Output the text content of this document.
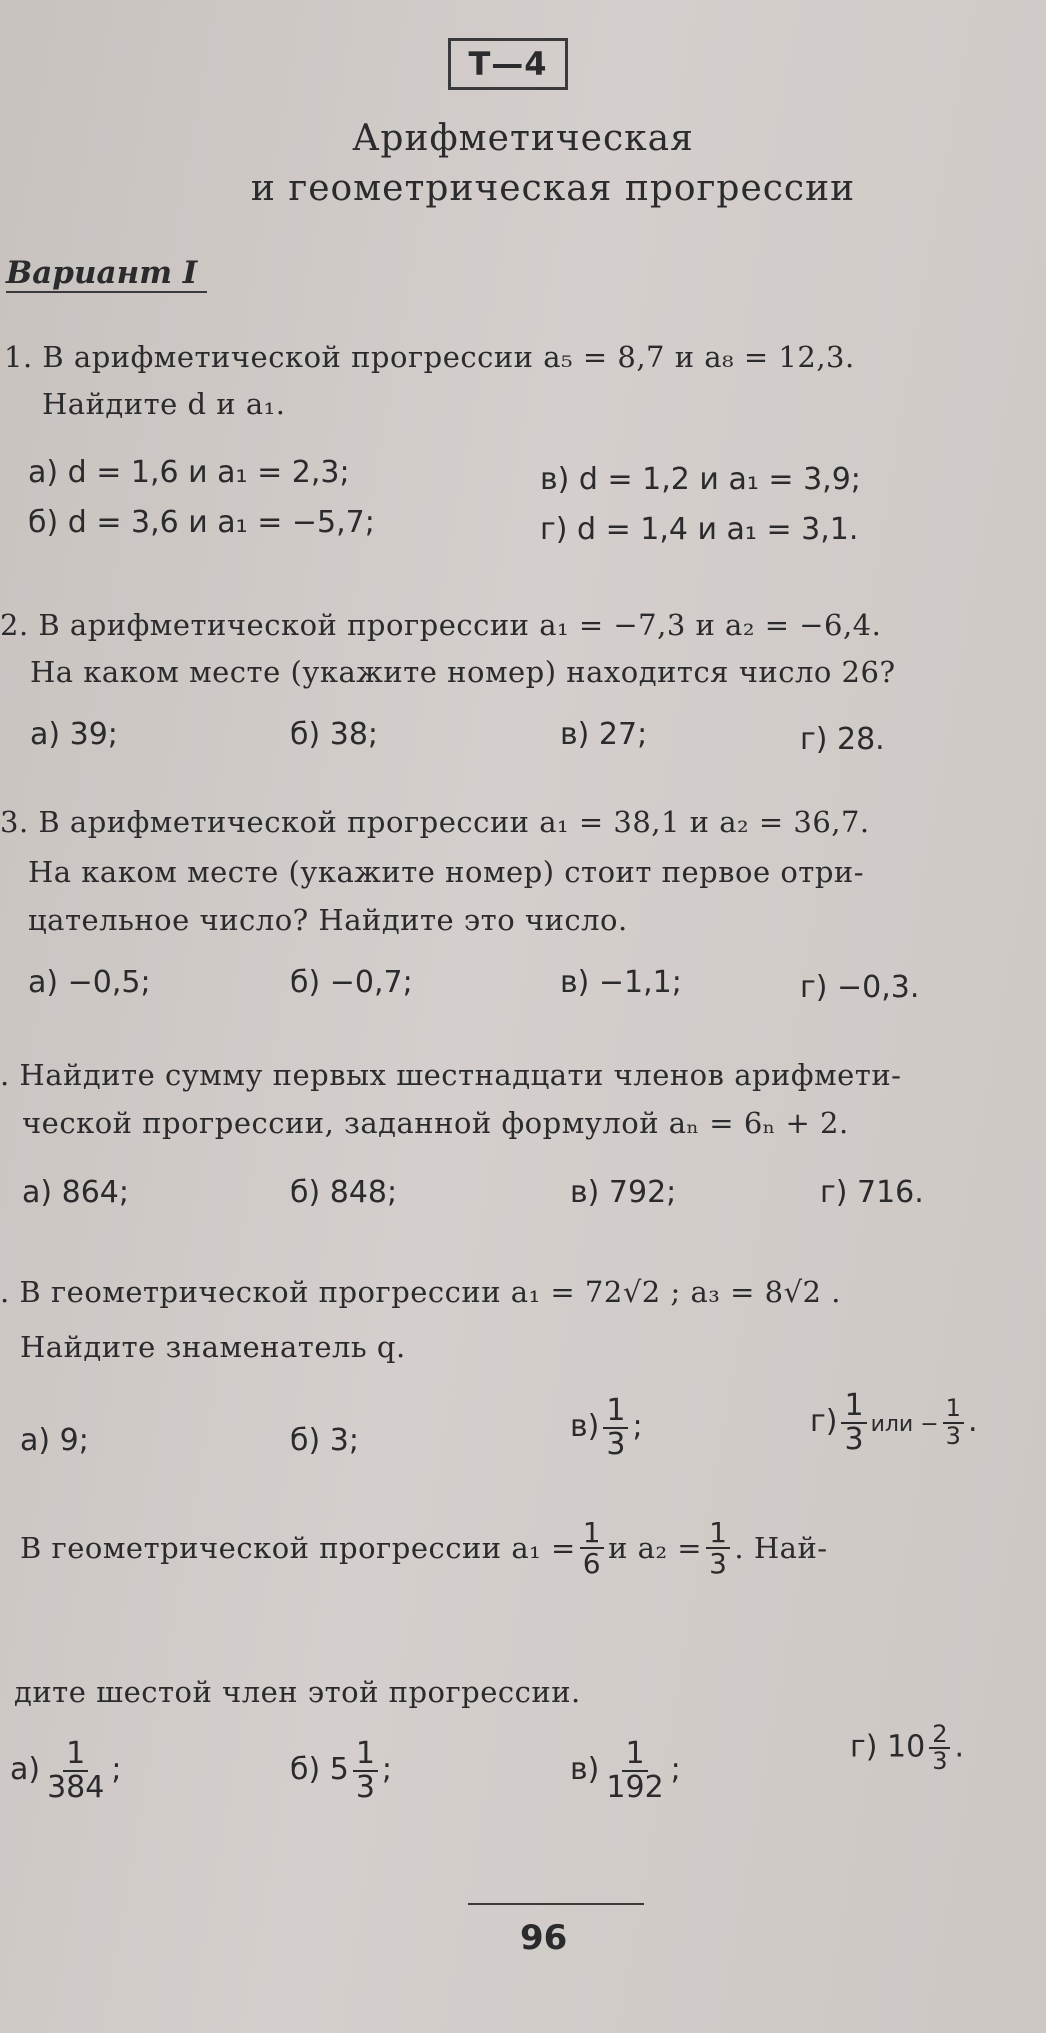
Т—4
Арифметическая
и геометрическая прогрессии
Вариант I
1. В арифметической прогрессии a₅ = 8,7 и a₈ = 12,3.
Найдите d и a₁.
а) d = 1,6 и a₁ = 2,3;
б) d = 3,6 и a₁ = −5,7;
в) d = 1,2 и a₁ = 3,9;
г) d = 1,4 и a₁ = 3,1.
2. В арифметической прогрессии a₁ = −7,3 и a₂ = −6,4.
На каком месте (укажите номер) находится число 26?
а) 39;	б) 38;	в) 27;	г) 28.
3. В арифметической прогрессии a₁ = 38,1 и a₂ = 36,7.
На каком месте (укажите номер) стоит первое отри-
цательное число? Найдите это число.
а) −0,5;	б) −0,7;	в) −1,1;	г) −0,3.
. Найдите сумму первых шестнадцати членов арифмети-
ческой прогрессии, заданной формулой aₙ = 6ₙ + 2.
а) 864;	б) 848;	в) 792;	г) 716.
. В геометрической прогрессии a₁ = 72√2 ; a₃ = 8√2 .
Найдите знаменатель q.
а) 9;	б) 3;	$в) \frac{1}{3}$ ;	$г) \frac{1}{3}$ или − $\frac{1}{3}$ .
В геометрической прогрессии $a_1 = \frac{1}{6}$ и $a_2 = \frac{1}{3}$ . Най-
дите шестой член этой прогрессии.
$а) \frac{1}{384}$ ;	б) $5 \frac{1}{3}$ ;	$в) \frac{1}{192}$ ;
г) $10 \frac{2}{3}$ .
96
